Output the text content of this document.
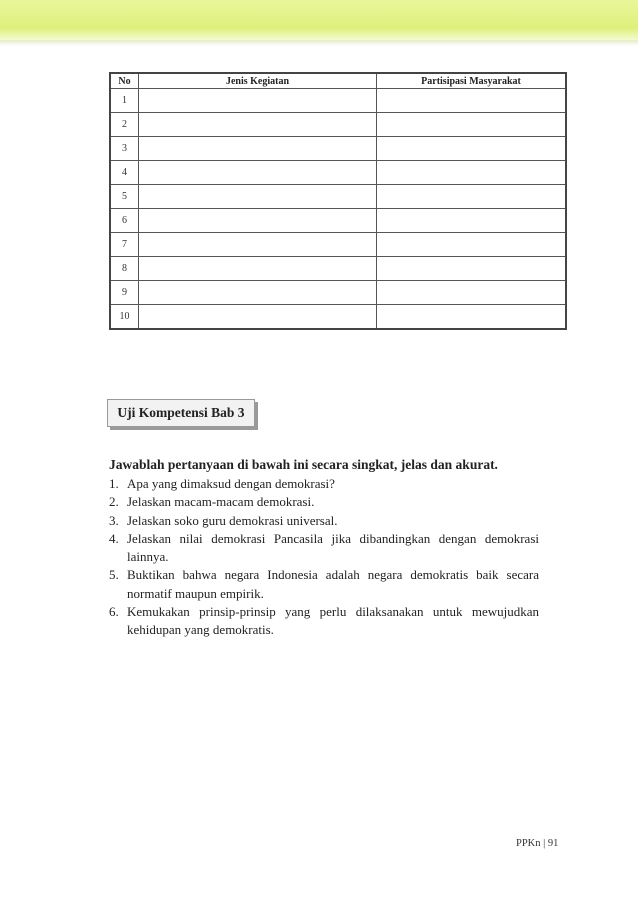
No	Jenis Kegiatan	Partisipasi Masyarakat
1		
2		
3		
4		
5		
6		
7		
8		
9		
10		
Uji Kompetensi Bab 3
Jawablah pertanyaan di bawah ini secara singkat, jelas dan akurat.
1. Apa yang dimaksud dengan demokrasi?
2. Jelaskan macam-macam demokrasi.
3. Jelaskan soko guru demokrasi universal.
4. Jelaskan nilai demokrasi Pancasila jika dibandingkan dengan demokrasi lainnya.
5. Buktikan bahwa negara Indonesia adalah negara demokratis baik secara normatif maupun empirik.
6. Kemukakan prinsip-prinsip yang perlu dilaksanakan untuk mewujudkan kehidupan yang demokratis.
PPKn | 91
